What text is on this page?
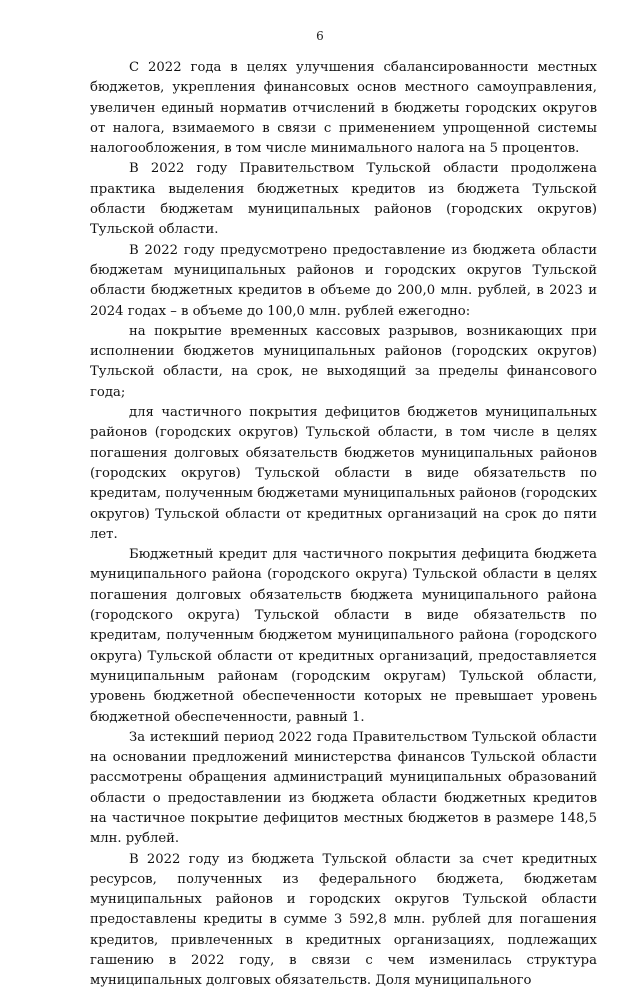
6

С 2022 года в целях улучшения сбалансированности местных бюджетов, укрепления финансовых основ местного самоуправления, увеличен единый норматив отчислений в бюджеты городских округов от налога, взимаемого в связи с применением упрощенной системы налогообложения, в том числе минимального налога на 5 процентов.

В 2022 году Правительством Тульской области продолжена практика выделения бюджетных кредитов из бюджета Тульской области бюджетам муниципальных районов (городских округов) Тульской области.

В 2022 году предусмотрено предоставление из бюджета области бюджетам муниципальных районов и городских округов Тульской области бюджетных кредитов в объеме до 200,0 млн. рублей, в 2023 и 2024 годах – в объеме до 100,0 млн. рублей ежегодно:

на покрытие временных кассовых разрывов, возникающих при исполнении бюджетов муниципальных районов (городских округов) Тульской области, на срок, не выходящий за пределы финансового года;

для частичного покрытия дефицитов бюджетов муниципальных районов (городских округов) Тульской области, в том числе в целях погашения долговых обязательств бюджетов муниципальных районов (городских округов) Тульской области в виде обязательств по кредитам, полученным бюджетами муниципальных районов (городских округов) Тульской области от кредитных организаций на срок до пяти лет.

Бюджетный кредит для частичного покрытия дефицита бюджета муниципального района (городского округа) Тульской области в целях погашения долговых обязательств бюджета муниципального района (городского округа) Тульской области в виде обязательств по кредитам, полученным бюджетом муниципального района (городского округа) Тульской области от кредитных организаций, предоставляется муниципальным районам (городским округам) Тульской области, уровень бюджетной обеспеченности которых не превышает уровень бюджетной обеспеченности, равный 1.

За истекший период 2022 года Правительством Тульской области на основании предложений министерства финансов Тульской области рассмотрены обращения администраций муниципальных образований области о предоставлении из бюджета области бюджетных кредитов на частичное покрытие дефицитов местных бюджетов в размере 148,5 млн. рублей.

В 2022 году из бюджета Тульской области за счет кредитных ресурсов, полученных из федерального бюджета, бюджетам муниципальных районов и городских округов Тульской области предоставлены кредиты в сумме 3 592,8 млн. рублей для погашения кредитов, привлеченных в кредитных организациях, подлежащих гашению в 2022 году, в связи с чем изменилась структура муниципальных долговых обязательств. Доля муниципального
